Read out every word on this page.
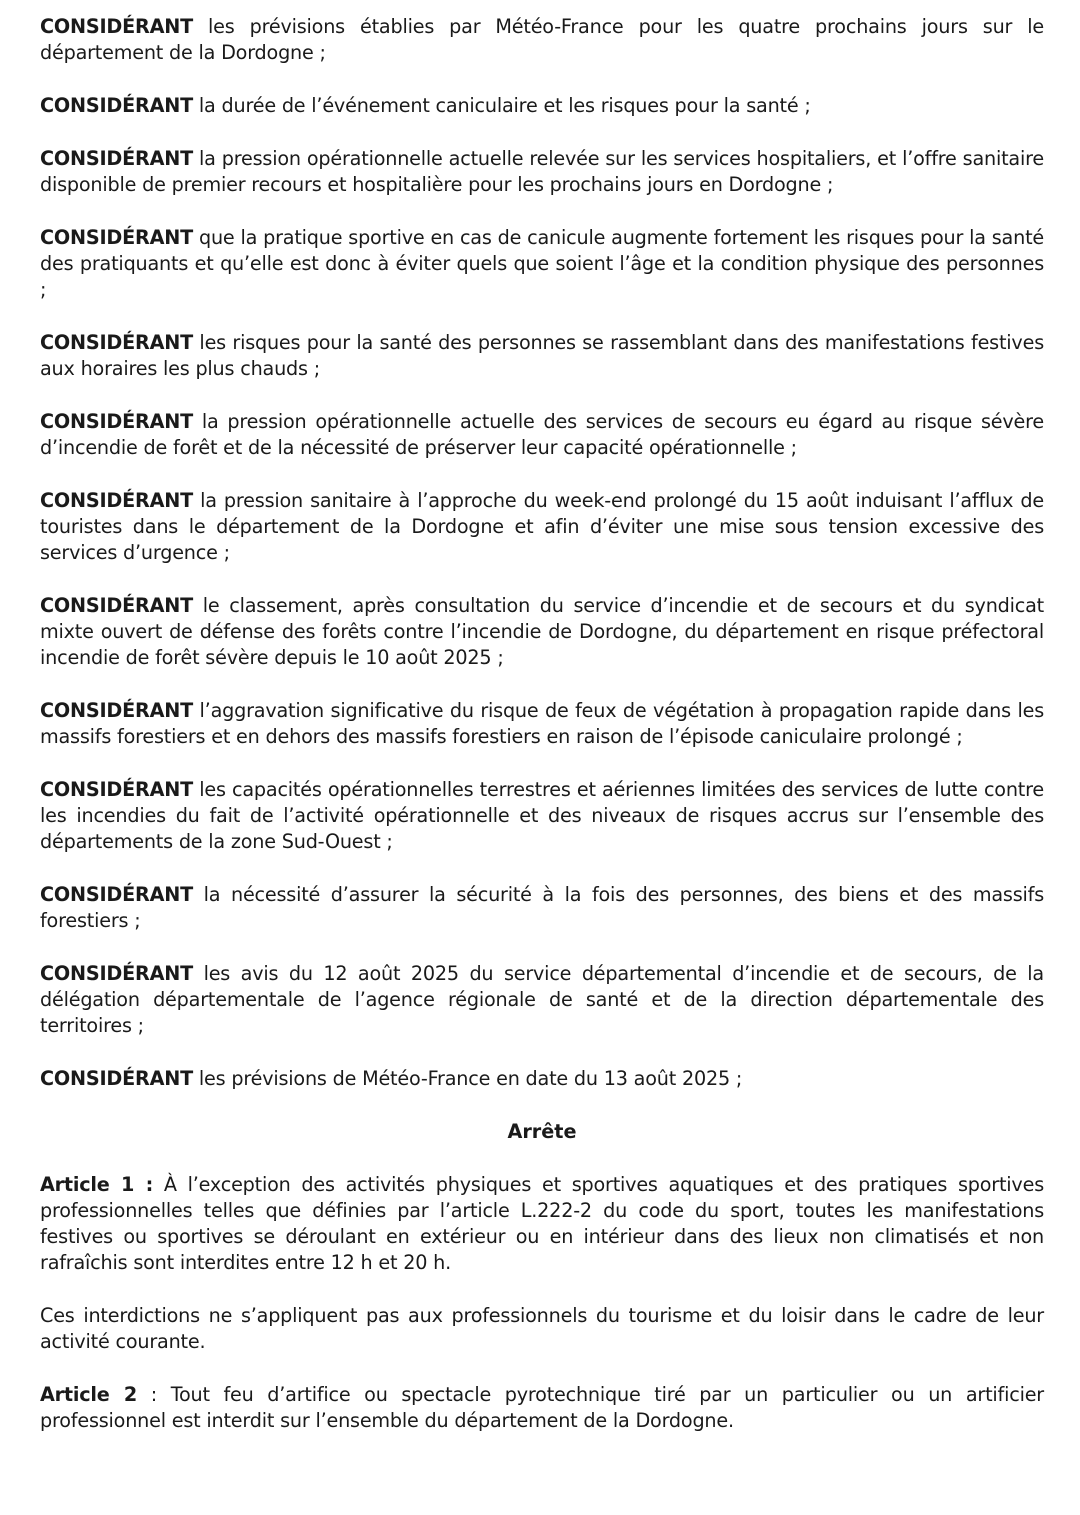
CONSIDÉRANT les prévisions établies par Météo-France pour les quatre prochains jours sur le département de la Dordogne ;

CONSIDÉRANT la durée de l’événement caniculaire et les risques pour la santé ;

CONSIDÉRANT la pression opérationnelle actuelle relevée sur les services hospitaliers, et l’offre sanitaire disponible de premier recours et hospitalière pour les prochains jours en Dordogne ;

CONSIDÉRANT que la pratique sportive en cas de canicule augmente fortement les risques pour la santé des pratiquants et qu’elle est donc à éviter quels que soient l’âge et la condition physique des personnes ;

CONSIDÉRANT les risques pour la santé des personnes se rassemblant dans des manifestations festives aux horaires les plus chauds ;

CONSIDÉRANT la pression opérationnelle actuelle des services de secours eu égard au risque sévère d’incendie de forêt et de la nécessité de préserver leur capacité opérationnelle ;

CONSIDÉRANT la pression sanitaire à l’approche du week-end prolongé du 15 août induisant l’afflux de touristes dans le département de la Dordogne et afin d’éviter une mise sous tension excessive des services d’urgence ;

CONSIDÉRANT le classement, après consultation du service d’incendie et de secours et du syndicat mixte ouvert de défense des forêts contre l’incendie de Dordogne, du département en risque préfectoral incendie de forêt sévère depuis le 10 août 2025 ;

CONSIDÉRANT l’aggravation significative du risque de feux de végétation à propagation rapide dans les massifs forestiers et en dehors des massifs forestiers en raison de l’épisode caniculaire prolongé ;

CONSIDÉRANT les capacités opérationnelles terrestres et aériennes limitées des services de lutte contre les incendies du fait de l’activité opérationnelle et des niveaux de risques accrus sur l’ensemble des départements de la zone Sud-Ouest ;

CONSIDÉRANT la nécessité d’assurer la sécurité à la fois des personnes, des biens et des massifs forestiers ;

CONSIDÉRANT les avis du 12 août 2025 du service départemental d’incendie et de secours, de la délégation départementale de l’agence régionale de santé et de la direction départementale des territoires ;

CONSIDÉRANT les prévisions de Météo-France en date du 13 août 2025 ;

Arrête

Article 1 : À l’exception des activités physiques et sportives aquatiques et des pratiques sportives professionnelles telles que définies par l’article L.222-2 du code du sport, toutes les manifestations festives ou sportives se déroulant en extérieur ou en intérieur dans des lieux non climatisés et non rafraîchis sont interdites entre 12 h et 20 h.

Ces interdictions ne s’appliquent pas aux professionnels du tourisme et du loisir dans le cadre de leur activité courante.

Article 2 : Tout feu d’artifice ou spectacle pyrotechnique tiré par un particulier ou un artificier professionnel est interdit sur l’ensemble du département de la Dordogne.
